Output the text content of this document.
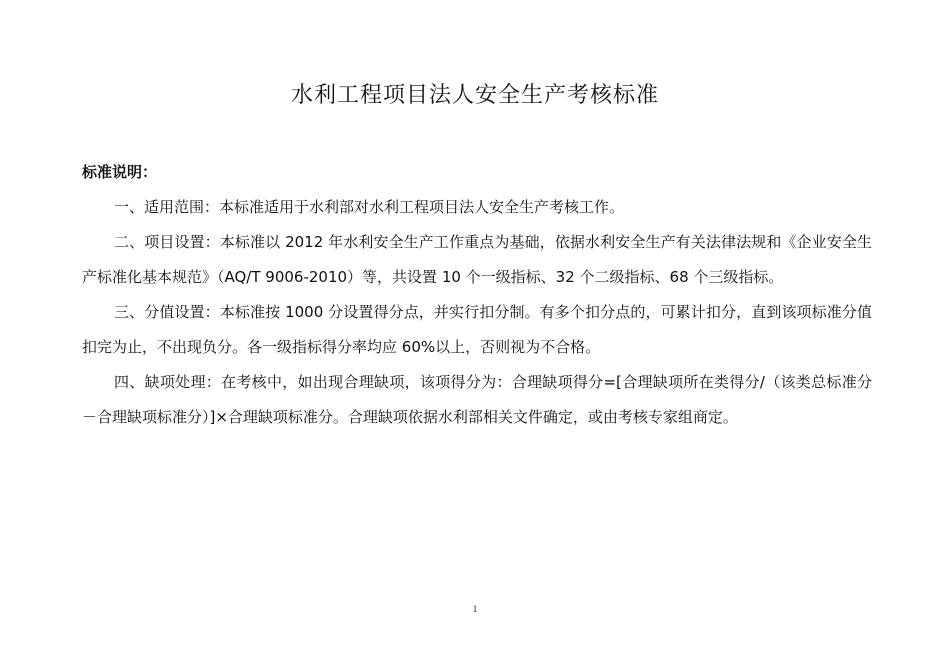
水利工程项目法人安全生产考核标准
标准说明：

一、适用范围：本标准适用于水利部对水利工程项目法人安全生产考核工作。

二、项目设置：本标准以 2012 年水利安全生产工作重点为基础，依据水利安全生产有关法律法规和《企业安全生产标准化基本规范》（AQ/T 9006-2010）等，共设置 10 个一级指标、32 个二级指标、68 个三级指标。

三、分值设置：本标准按 1000 分设置得分点，并实行扣分制。有多个扣分点的，可累计扣分，直到该项标准分值扣完为止，不出现负分。各一级指标得分率均应 60%以上，否则视为不合格。

四、缺项处理：在考核中，如出现合理缺项，该项得分为：合理缺项得分=[合理缺项所在类得分/（该类总标准分－合理缺项标准分）]×合理缺项标准分。合理缺项依据水利部相关文件确定，或由考核专家组商定。

1
